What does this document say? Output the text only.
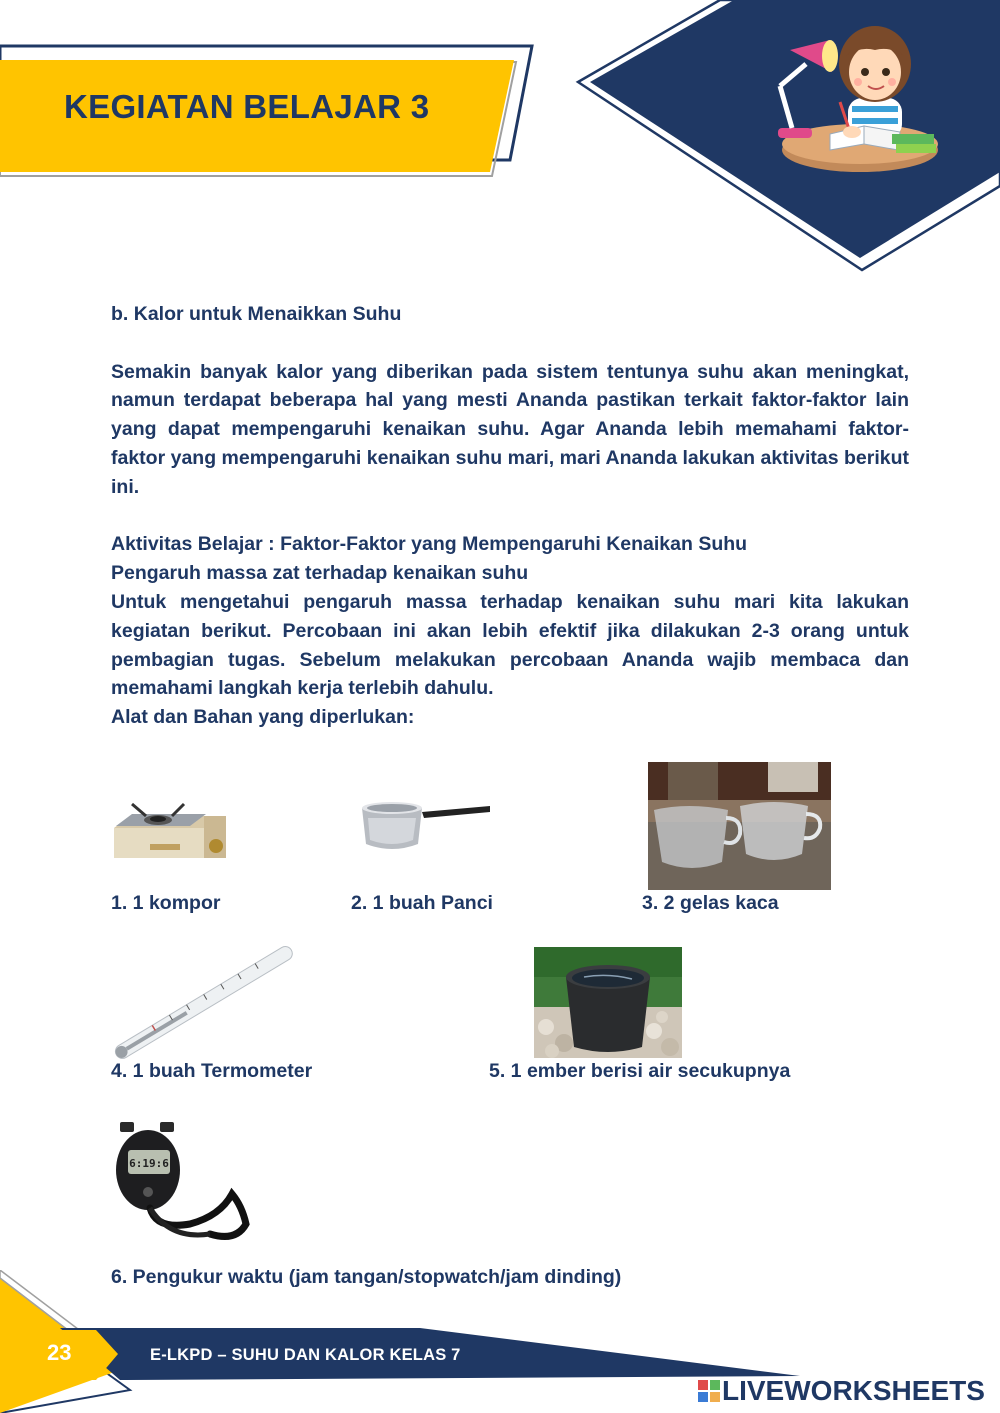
KEGIATAN BELAJAR 3

b. Kalor untuk Menaikkan Suhu

Semakin banyak kalor yang diberikan pada sistem tentunya suhu akan meningkat, namun terdapat beberapa hal yang mesti Ananda pastikan terkait faktor-faktor lain yang dapat mempengaruhi kenaikan suhu. Agar Ananda lebih memahami faktor-faktor yang mempengaruhi kenaikan suhu mari, mari Ananda lakukan aktivitas berikut ini.

Aktivitas Belajar : Faktor-Faktor yang Mempengaruhi Kenaikan Suhu

Pengaruh massa zat terhadap kenaikan suhu

Untuk mengetahui pengaruh massa terhadap kenaikan suhu mari kita lakukan kegiatan berikut. Percobaan ini akan lebih efektif jika dilakukan 2-3 orang untuk pembagian tugas. Sebelum melakukan percobaan Ananda wajib membaca dan memahami langkah kerja terlebih dahulu.

Alat dan Bahan yang diperlukan:

1. 1 kompor	2. 1 buah Panci	3. 2 gelas kaca
4. 1 buah Termometer	5. 1 ember berisi air secukupnya
6:19:6
6. Pengukur waktu (jam tangan/stopwatch/jam dinding)
23	E-LKPD – SUHU DAN KALOR KELAS 7
LIVEWORKSHEETS
